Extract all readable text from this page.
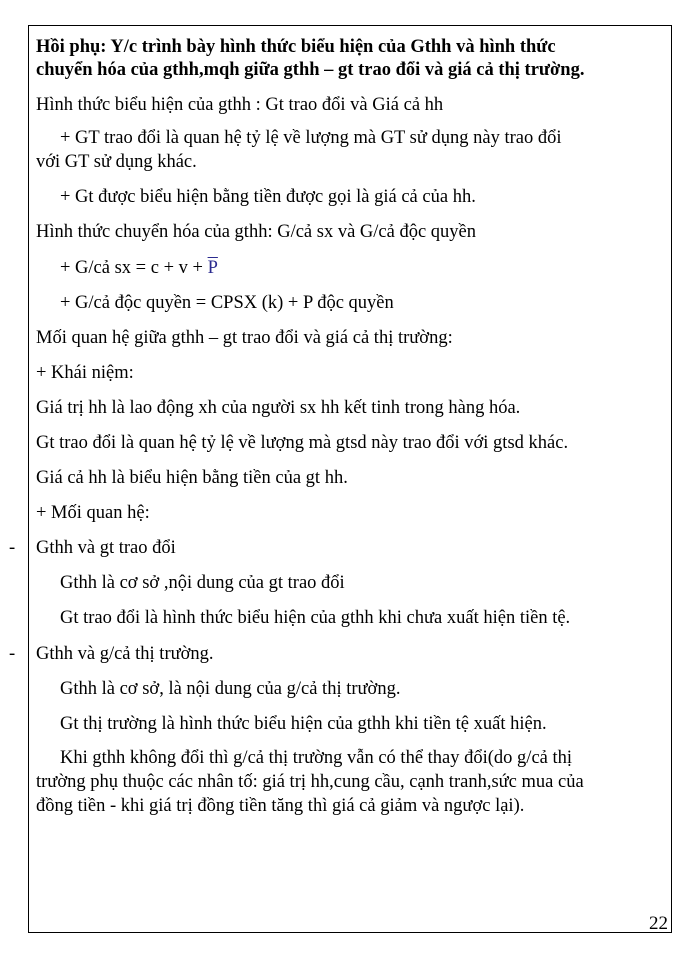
Hồi phụ: Y/c trình bày hình thức biểu hiện của Gthh và hình thức
chuyển hóa của gthh,mqh giữa gthh – gt trao đổi và giá cả thị trường.
Hình thức biểu hiện của gthh : Gt trao đổi và Giá cả hh
+ GT trao đổi là quan hệ tỷ lệ về lượng mà GT sử dụng này trao đổi
với GT sử dụng khác.
+ Gt được biểu hiện bằng tiền được gọi là giá cả của hh.
Hình thức chuyển hóa của gthh: G/cả sx và G/cả độc quyền
+ G/cả sx = $c + v + \overline{P}$
+ G/cả độc quyền = CPSX (k) + P độc quyền
Mối quan hệ giữa gthh – gt trao đổi và giá cả thị trường:
+ Khái niệm:
Giá trị hh là lao động xh của người sx hh kết tinh trong hàng hóa.
Gt trao đổi là quan hệ tỷ lệ về lượng mà gtsd này trao đổi với gtsd khác.
Giá cả hh là biểu hiện bằng tiền của gt hh.
+ Mối quan hệ:
- Gthh và gt trao đổi
Gthh là cơ sở ,nội dung của gt trao đổi
Gt trao đổi là hình thức biểu hiện của gthh khi chưa xuất hiện tiền tệ.
- Gthh và g/cả thị trường.
Gthh là cơ sở, là nội dung của g/cả thị trường.
Gt thị trường là hình thức biểu hiện của gthh khi tiền tệ xuất hiện.
Khi gthh không đổi thì g/cả thị trường vẫn có thể thay đổi(do g/cả thị
trường phụ thuộc các nhân tố: giá trị hh,cung cầu, cạnh tranh,sức mua của
đồng tiền - khi giá trị đồng tiền tăng thì giá cả giảm và ngược lại).
22
